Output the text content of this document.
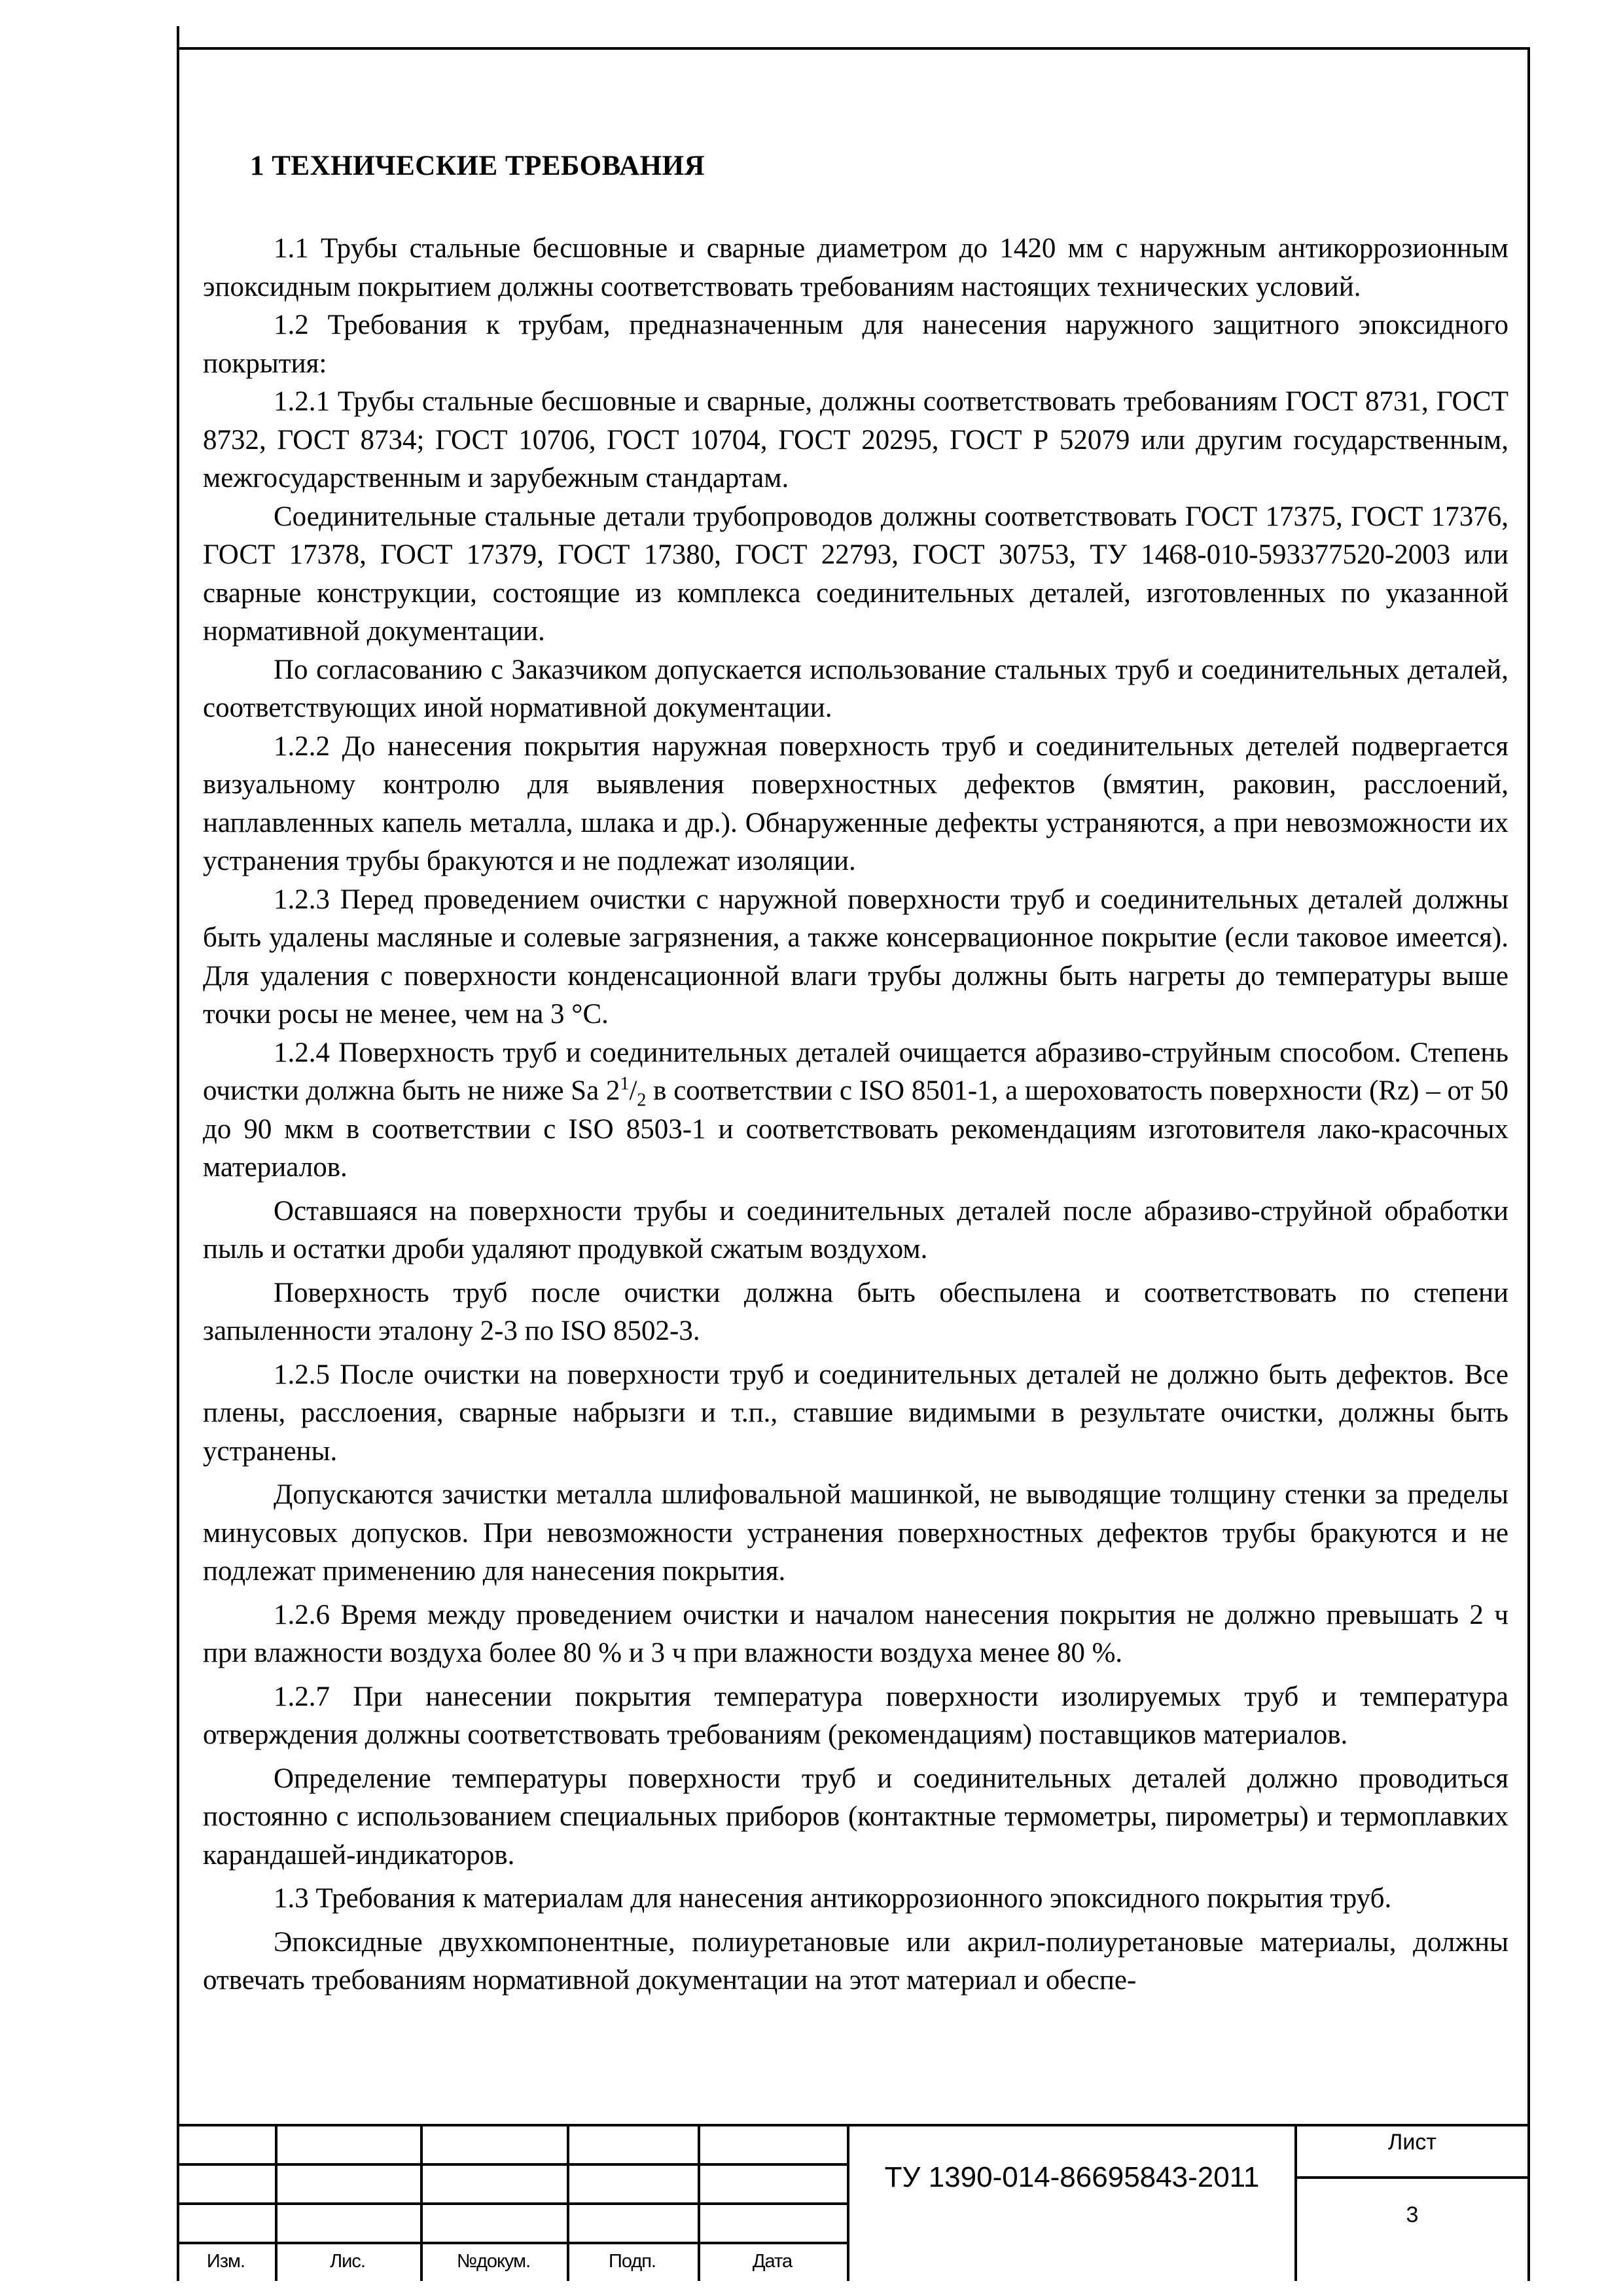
1 ТЕХНИЧЕСКИЕ ТРЕБОВАНИЯ

1.1 Трубы стальные бесшовные и сварные диаметром до 1420 мм с наружным антикоррозионным эпоксидным покрытием должны соответствовать требованиям настоящих технических условий.

1.2 Требования к трубам, предназначенным для нанесения наружного защитного эпоксидного покрытия:

1.2.1 Трубы стальные бесшовные и сварные, должны соответствовать требованиям ГОСТ 8731, ГОСТ 8732, ГОСТ 8734; ГОСТ 10706, ГОСТ 10704, ГОСТ 20295, ГОСТ Р 52079 или другим государственным, межгосударственным и зарубежным стандартам.

Соединительные стальные детали трубопроводов должны соответствовать ГОСТ 17375, ГОСТ 17376, ГОСТ 17378, ГОСТ 17379, ГОСТ 17380, ГОСТ 22793, ГОСТ 30753, ТУ 1468-010-593377520-2003 или сварные конструкции, состоящие из комплекса соединительных деталей, изготовленных по указанной нормативной документации.

По согласованию с Заказчиком допускается использование стальных труб и соединительных деталей, соответствующих иной нормативной документации.

1.2.2 До нанесения покрытия наружная поверхность труб и соединительных детелей подвергается визуальному контролю для выявления поверхностных дефектов (вмятин, раковин, расслоений, наплавленных капель металла, шлака и др.). Обнаруженные дефекты устраняются, а при невозможности их устранения трубы бракуются и не подлежат изоляции.

1.2.3 Перед проведением очистки с наружной поверхности труб и соединительных деталей должны быть удалены масляные и солевые загрязнения, а также консервационное покрытие (если таковое имеется). Для удаления с поверхности конденсационной влаги трубы должны быть нагреты до температуры выше точки росы не менее, чем на 3 °С.

1.2.4 Поверхность труб и соединительных деталей очищается абразиво-струйным способом. Степень очистки должна быть не ниже Sa $2^1/_2$ в соответствии с ISO 8501-1, а шероховатость поверхности (Rz) – от 50 до 90 мкм в соответствии с ISO 8503-1 и соответствовать рекомендациям изготовителя лако-красочных материалов.

Оставшаяся на поверхности трубы и соединительных деталей после абразиво-струйной обработки пыль и остатки дроби удаляют продувкой сжатым воздухом.

Поверхность труб после очистки должна быть обеспылена и соответствовать по степени запыленности эталону 2-3 по ISO 8502-3.

1.2.5 После очистки на поверхности труб и соединительных деталей не должно быть дефектов. Все плены, расслоения, сварные набрызги и т.п., ставшие видимыми в результате очистки, должны быть устранены.

Допускаются зачистки металла шлифовальной машинкой, не выводящие толщину стенки за пределы минусовых допусков. При невозможности устранения поверхностных дефектов трубы бракуются и не подлежат применению для нанесения покрытия.

1.2.6 Время между проведением очистки и началом нанесения покрытия не должно превышать 2 ч при влажности воздуха более 80 % и 3 ч при влажности воздуха менее 80 %.

1.2.7 При нанесении покрытия температура поверхности изолируемых труб и температура отверждения должны соответствовать требованиям (рекомендациям) поставщиков материалов.

Определение температуры поверхности труб и соединительных деталей должно проводиться постоянно с использованием специальных приборов (контактные термометры, пирометры) и термоплавких карандашей-индикаторов.

1.3 Требования к материалам для нанесения антикоррозионного эпоксидного покрытия труб.

Эпоксидные двухкомпонентные, полиуретановые или акрил-полиуретановые материалы, должны отвечать требованиям нормативной документации на этот материал и обеспе-

Изм.	Лис.	№докум.	Подп.	Дата
ТУ 1390-014-86695843-2011
Лист
3
